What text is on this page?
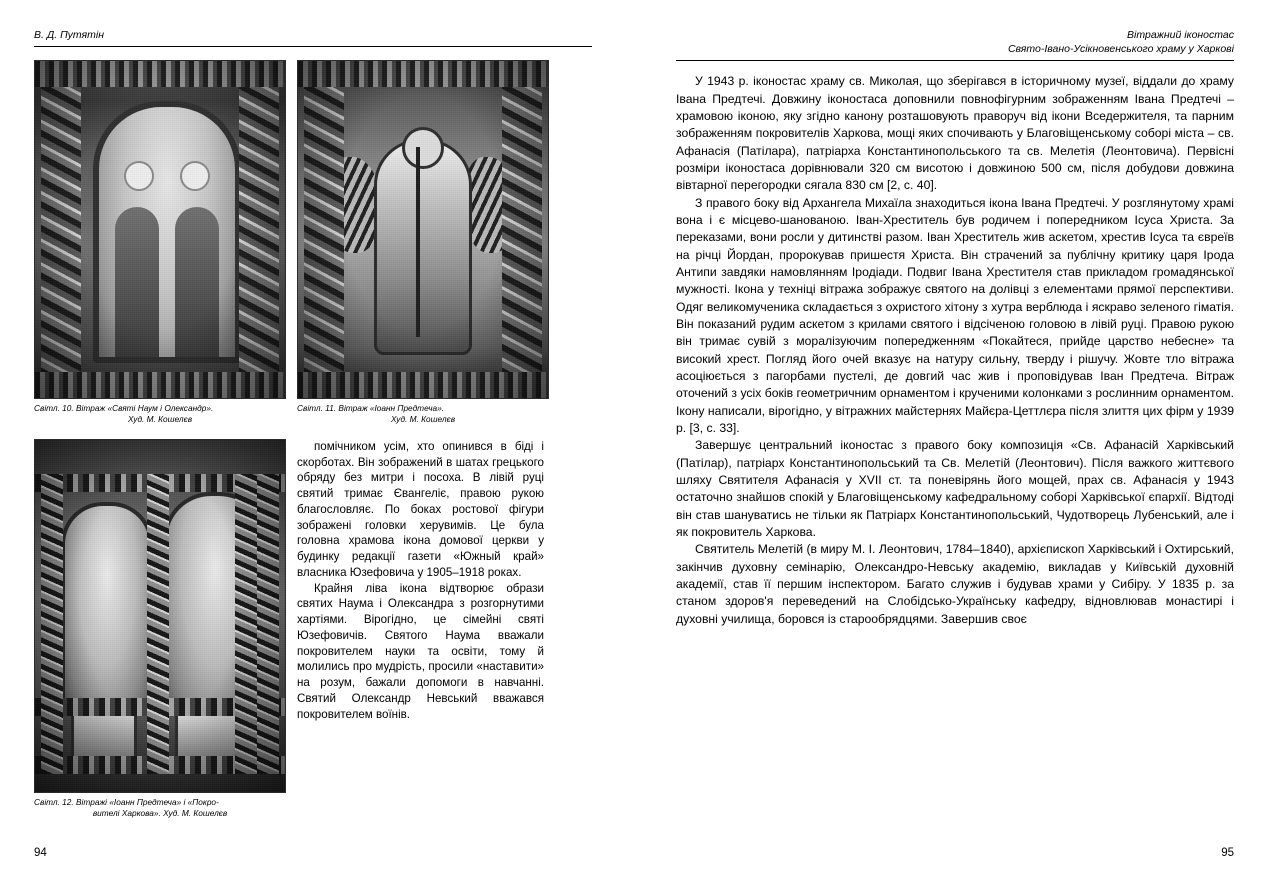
В. Д. Путятін
Світл. 10. Вітраж «Святі Наум і Олександр».
Худ. М. Кошелєв
Світл. 11. Вітраж «Іоанн Предтеча».
Худ. М. Кошелєв
Світл. 12. Вітражі «Іоанн Предтеча» і «Покро-
вителі Харкова». Худ. М. Кошелєв

помічником усім, хто опинився в біді і скорботах. Він зображений в шатах грецького обряду без митри і посоха. В лівій руці святий тримає Євангеліє, правою рукою благословляє. По боках ростової фігури зображені головки херувимів. Це була головна храмова ікона домової церкви у будинку редакції газети «Южный край» власника Юзефовича у 1905–1918 роках.

Крайня ліва ікона відтворює образи святих Наума і Олександра з розгорнутими хартіями. Вірогідно, це сімейні святі Юзефовичів. Святого Наума вважали покровителем науки та освіти, тому й молились про мудрість, просили «наставити» на розум, бажали допомоги в навчанні. Святий Олександр Невський вважався покровителем воїнів.

94
Вітражний іконостас
Свято-Івано-Усікновенського храму у Харкові

У 1943 р. іконостас храму св. Миколая, що зберігався в історичному музеї, віддали до храму Івана Предтечі. Довжину іконостаса доповнили повнофігурним зображенням Івана Предтечі – храмовою іконою, яку згідно канону розташовують праворуч від ікони Вседержителя, та парним зображенням покровителів Харкова, мощі яких спочивають у Благовіщенському соборі міста – св. Афанасія (Патілара), патріарха Константинопольського та св. Мелетія (Леонтовича). Первісні розміри іконостаса дорівнювали 320 см висотою і довжиною 500 см, після добудови довжина вівтарної перегородки сягала 830 см [2, с. 40].

З правого боку від Архангела Михаїла знаходиться ікона Івана Предтечі. У розглянутому храмі вона і є місцево-шанованою. Іван-Хреститель був родичем і попередником Ісуса Христа. За переказами, вони росли у дитинстві разом. Іван Хреститель жив аскетом, хрестив Ісуса та євреїв на річці Йордан, пророкував пришестя Христа. Він страчений за публічну критику царя Ірода Антипи завдяки намовлянням Іродіади. Подвиг Івана Хрестителя став прикладом громадянської мужності. Ікона у техніці вітража зображує святого на долівці з елементами прямої перспективи. Одяг великомученика складається з охристого хітону з хутра верблюда і яскраво зеленого гіматія. Він показаний рудим аскетом з крилами святого і відсіченою головою в лівій руці. Правою рукою він тримає сувій з моралізуючим попередженням «Покайтеся, прийде царство небесне» та високий хрест. Погляд його очей вказує на натуру сильну, тверду і рішучу. Жовте тло вітража асоціюється з пагорбами пустелі, де довгий час жив і проповідував Іван Предтеча. Вітраж оточений з усіх боків геометричним орнаментом і крученими колонками з рослинним орнаментом. Ікону написали, вірогідно, у вітражних майстернях Майєра-Цеттлєра після злиття цих фірм у 1939 р. [3, с. 33].

Завершує центральний іконостас з правого боку композиція «Св. Афанасій Харківський (Патілар), патріарх Константинопольський та Св. Мелетій (Леонтович). Після важкого життєвого шляху Святителя Афанасія у XVII ст. та поневірянь його мощей, прах св. Афанасія у 1943 остаточно знайшов спокій у Благовіщенському кафедральному соборі Харківської єпархії. Відтоді він став шануватись не тільки як Патріарх Константинопольський, Чудотворець Лубенський, але і як покровитель Харкова.

Святитель Мелетій (в миру М. І. Леонтович, 1784–1840), архієпископ Харківський і Охтирський, закінчив духовну семінарію, Олександро-Невську академію, викладав у Київській духовній академії, став її першим інспектором. Багато служив і будував храми у Сибіру. У 1835 р. за станом здоров'я переведений на Слобідсько-Українську кафедру, відновлював монастирі і духовні училища, боровся із старообрядцями. Завершив своє

95
